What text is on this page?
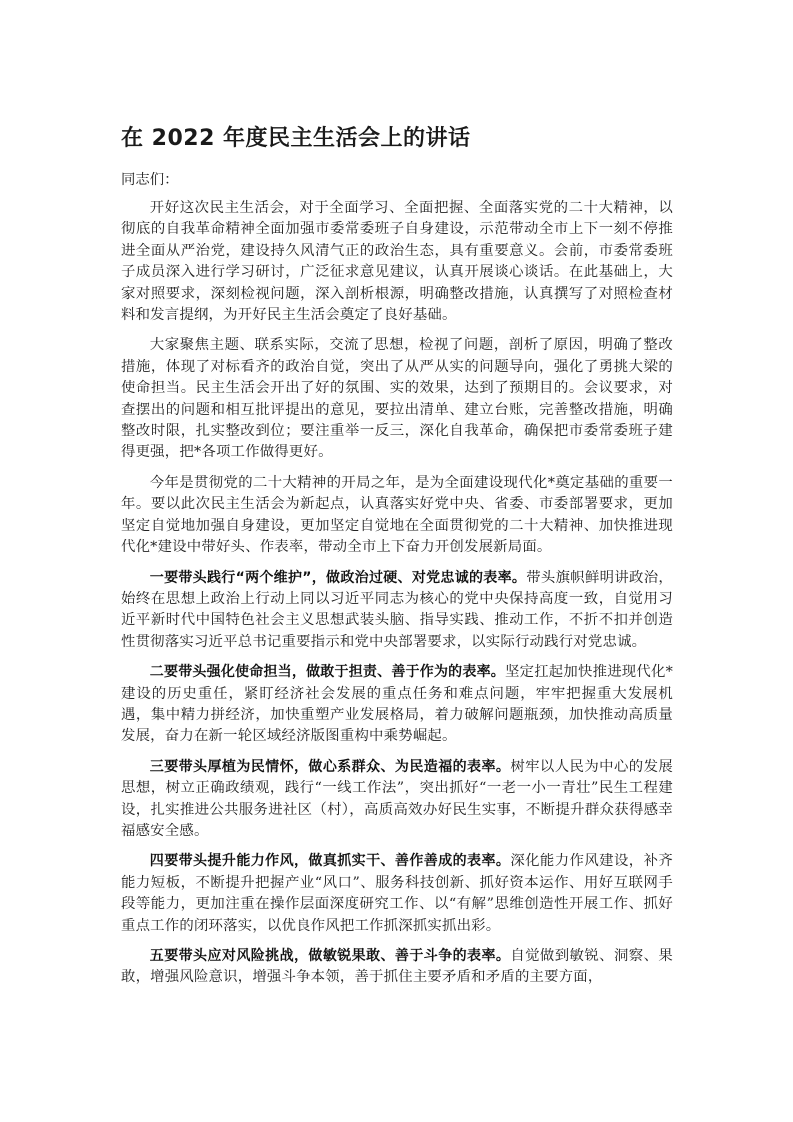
在 2022 年度民主生活会上的讲话

同志们：

开好这次民主生活会，对于全面学习、全面把握、全面落实党的二十大精神，以彻底的自我革命精神全面加强市委常委班子自身建设，示范带动全市上下一刻不停推进全面从严治党，建设持久风清气正的政治生态，具有重要意义。会前，市委常委班子成员深入进行学习研讨，广泛征求意见建议，认真开展谈心谈话。在此基础上，大家对照要求，深刻检视问题，深入剖析根源，明确整改措施，认真撰写了对照检查材料和发言提纲，为开好民主生活会奠定了良好基础。

大家聚焦主题、联系实际，交流了思想，检视了问题，剖析了原因，明确了整改措施，体现了对标看齐的政治自觉，突出了从严从实的问题导向，强化了勇挑大梁的使命担当。民主生活会开出了好的氛围、实的效果，达到了预期目的。会议要求，对查摆出的问题和相互批评提出的意见，要拉出清单、建立台账，完善整改措施，明确整改时限，扎实整改到位；要注重举一反三，深化自我革命，确保把市委常委班子建得更强，把*各项工作做得更好。

今年是贯彻党的二十大精神的开局之年，是为全面建设现代化*奠定基础的重要一年。要以此次民主生活会为新起点，认真落实好党中央、省委、市委部署要求，更加坚定自觉地加强自身建设，更加坚定自觉地在全面贯彻党的二十大精神、加快推进现代化*建设中带好头、作表率，带动全市上下奋力开创发展新局面。

一要带头践行“两个维护”，做政治过硬、对党忠诚的表率。带头旗帜鲜明讲政治，始终在思想上政治上行动上同以习近平同志为核心的党中央保持高度一致，自觉用习近平新时代中国特色社会主义思想武装头脑、指导实践、推动工作，不折不扣并创造性贯彻落实习近平总书记重要指示和党中央部署要求，以实际行动践行对党忠诚。

二要带头强化使命担当，做敢于担责、善于作为的表率。坚定扛起加快推进现代化*建设的历史重任，紧盯经济社会发展的重点任务和难点问题，牢牢把握重大发展机遇，集中精力拼经济，加快重塑产业发展格局，着力破解问题瓶颈，加快推动高质量发展，奋力在新一轮区域经济版图重构中乘势崛起。

三要带头厚植为民情怀，做心系群众、为民造福的表率。树牢以人民为中心的发展思想，树立正确政绩观，践行“一线工作法”，突出抓好“一老一小一青壮”民生工程建设，扎实推进公共服务进社区（村），高质高效办好民生实事，不断提升群众获得感幸福感安全感。

四要带头提升能力作风，做真抓实干、善作善成的表率。深化能力作风建设，补齐能力短板，不断提升把握产业“风口”、服务科技创新、抓好资本运作、用好互联网手段等能力，更加注重在操作层面深度研究工作、以“有解”思维创造性开展工作、抓好重点工作的闭环落实，以优良作风把工作抓深抓实抓出彩。

五要带头应对风险挑战，做敏锐果敢、善于斗争的表率。自觉做到敏锐、洞察、果敢，增强风险意识，增强斗争本领，善于抓住主要矛盾和矛盾的主要方面，
